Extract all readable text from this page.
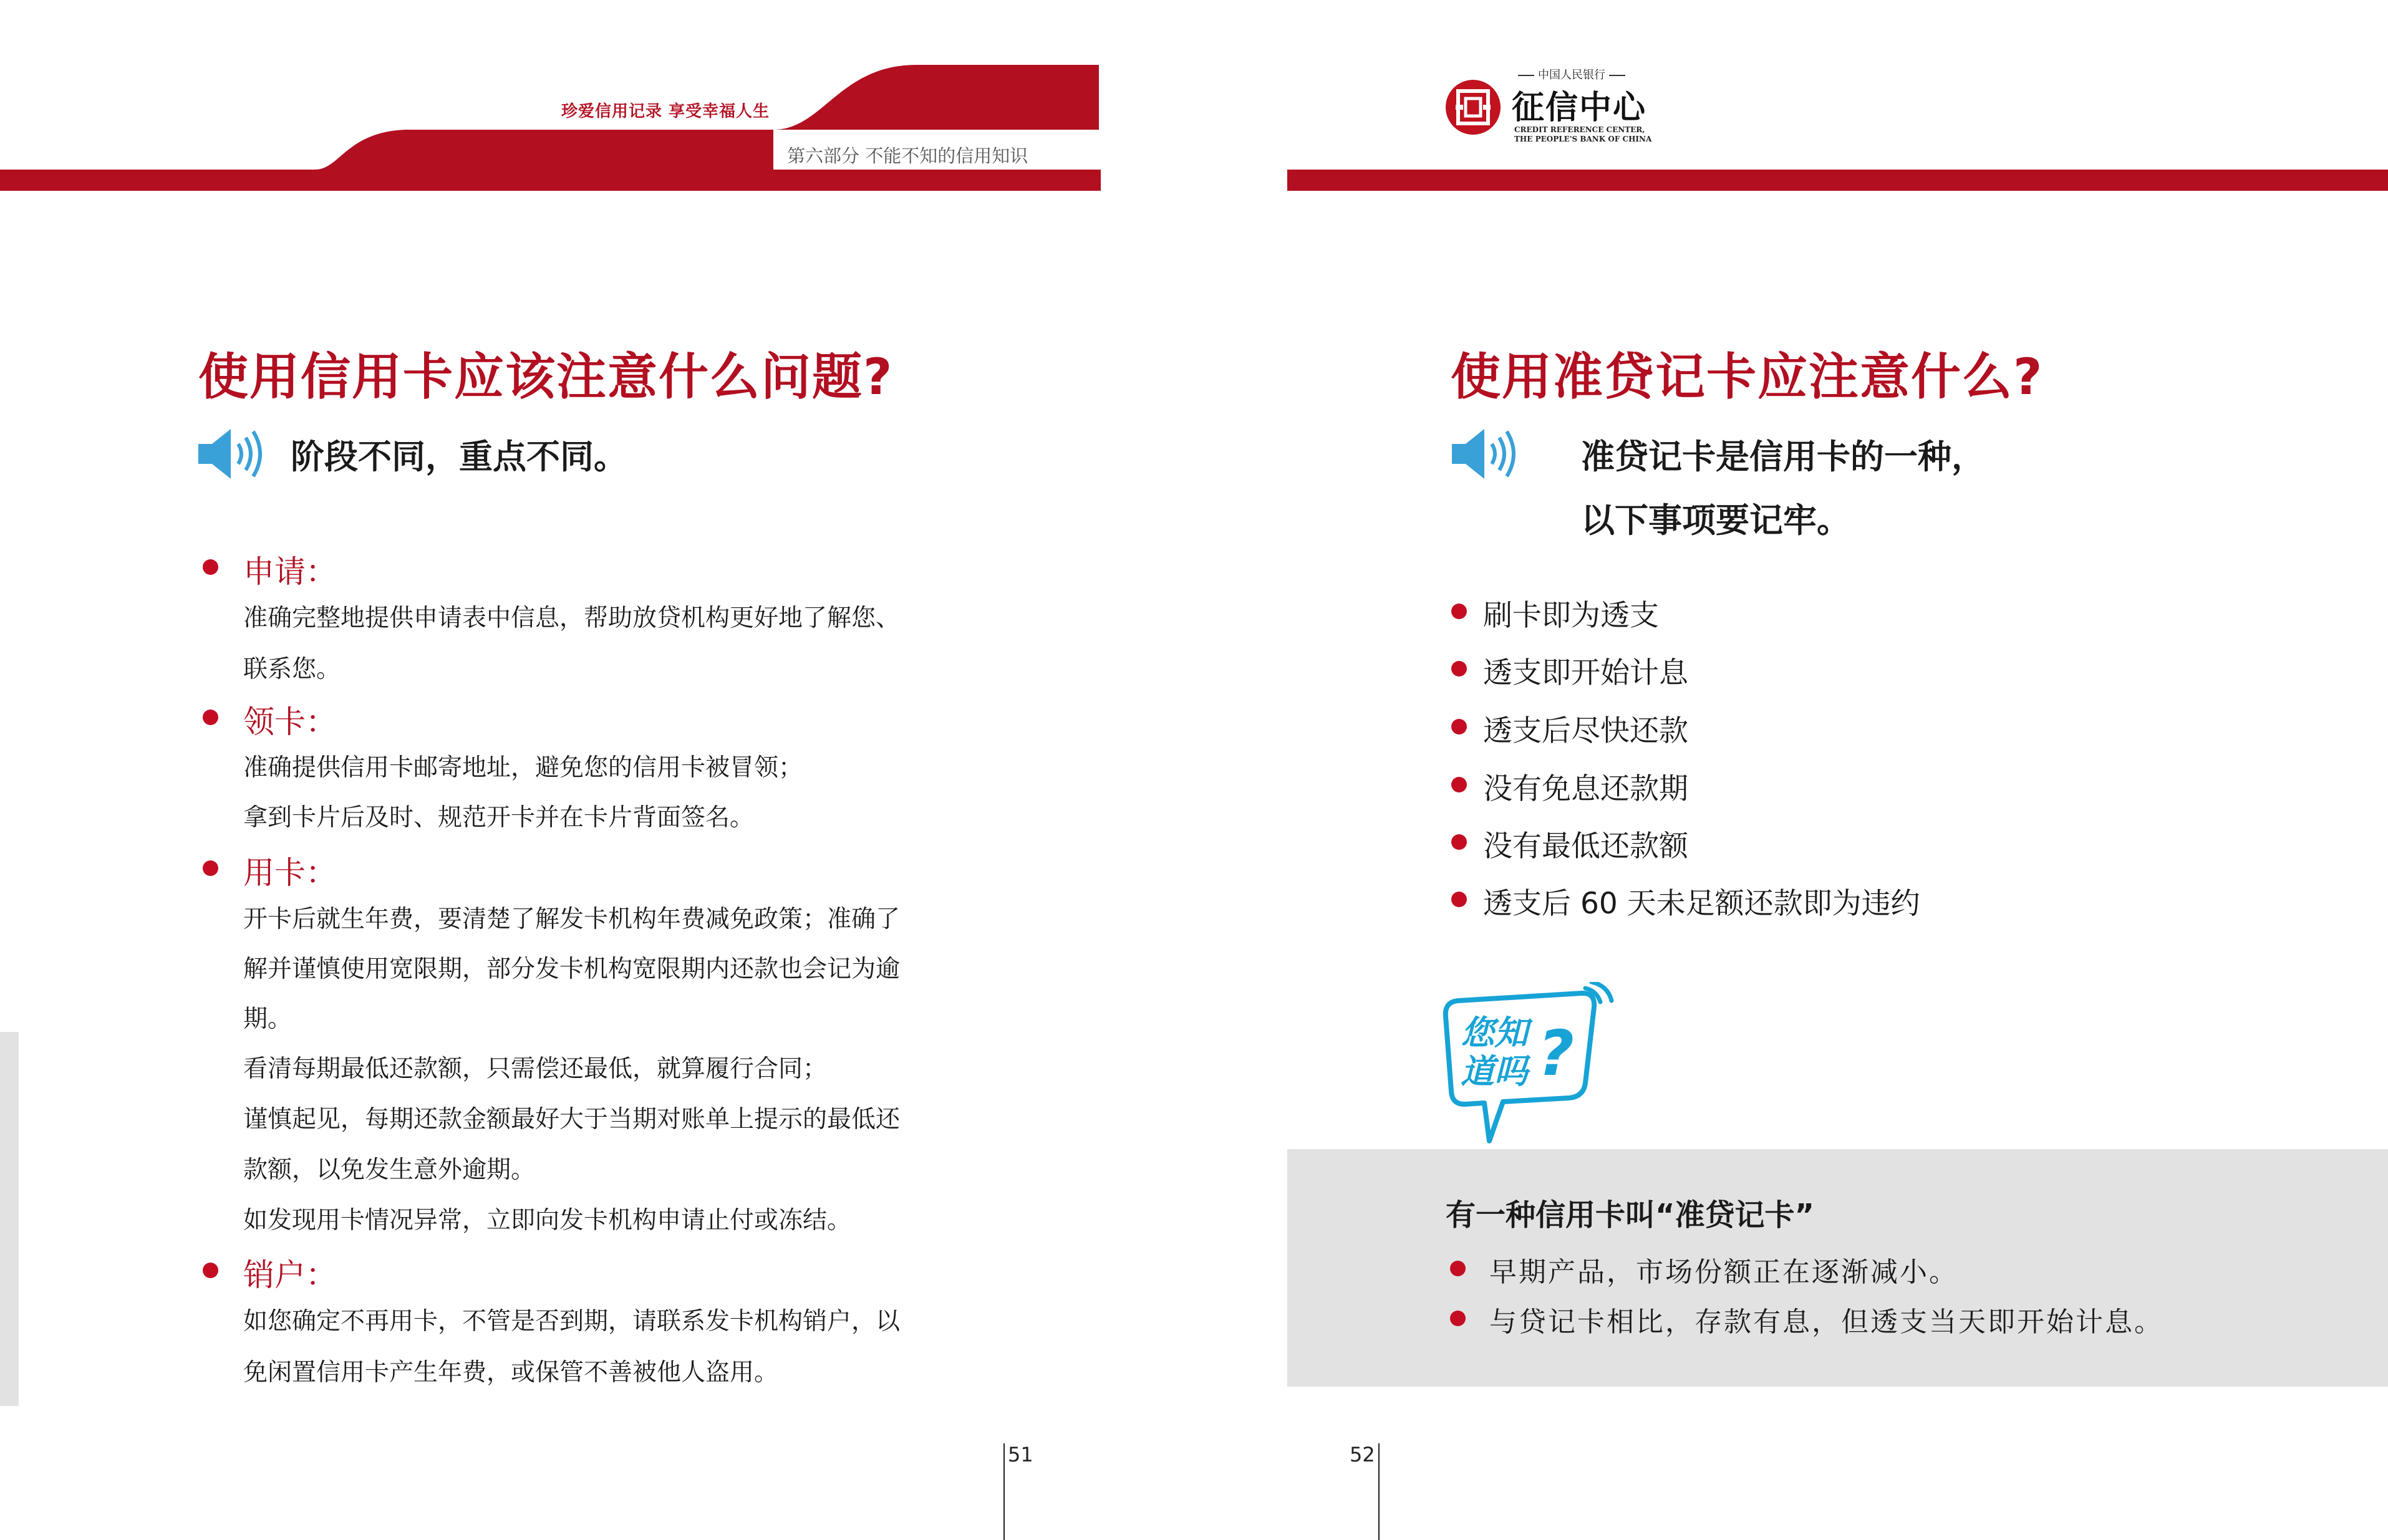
珍爱信用记录 享受幸福人生
第六部分 不能不知的信用知识
中国人民银行
征信中心
CREDIT REFERENCE CENTER,
THE PEOPLE'S BANK OF CHINA
使用信用卡应该注意什么问题?
阶段不同，重点不同。
申请：
准确完整地提供申请表中信息，帮助放贷机构更好地了解您、
联系您。
领卡：
准确提供信用卡邮寄地址，避免您的信用卡被冒领；
拿到卡片后及时、规范开卡并在卡片背面签名。
用卡：
开卡后就生年费，要清楚了解发卡机构年费减免政策；准确了
解并谨慎使用宽限期，部分发卡机构宽限期内还款也会记为逾
期。
看清每期最低还款额，只需偿还最低，就算履行合同；
谨慎起见，每期还款金额最好大于当期对账单上提示的最低还
款额，以免发生意外逾期。
如发现用卡情况异常，立即向发卡机构申请止付或冻结。
销户：
如您确定不再用卡，不管是否到期，请联系发卡机构销户，以
免闲置信用卡产生年费，或保管不善被他人盗用。
51
使用准贷记卡应注意什么?
准贷记卡是信用卡的一种，
以下事项要记牢。
刷卡即为透支
透支即开始计息
透支后尽快还款
没有免息还款期
没有最低还款额
透支后 60 天未足额还款即为违约
您知
道吗 ?
有一种信用卡叫“准贷记卡”
早期产品，市场份额正在逐渐减小。
与贷记卡相比，存款有息，但透支当天即开始计息。
52
